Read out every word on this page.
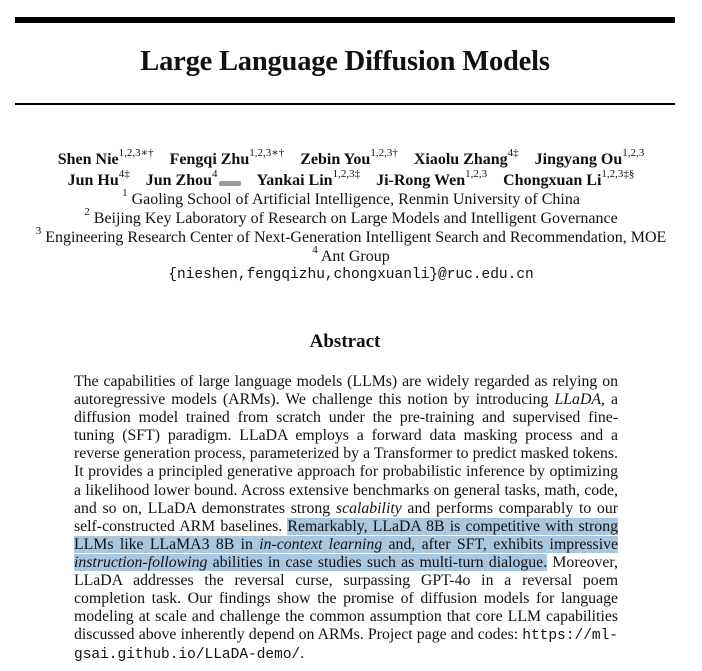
Large Language Diffusion Models
Shen Nie$^{1,2,3∗\dagger}$ Fengqi Zhu$^{1,2,3∗\dagger}$ Zebin You$^{1,2,3\dagger}$ Xiaolu Zhang$^{4\ddagger}$ Jingyang Ou$^{1,2,3}$
Jun $Hu^{4\ddagger}$ Jun Zhou$^4$ Yankai Lin$^{1,2,3\ddagger}$ Ji-Rong Wen$^{1,2,3}$ Chongxuan $Li^{1,2,3\ddagger\S}$
$^1$ Gaoling School of Artificial Intelligence, Renmin University of China
$^2$ Beijing Key Laboratory of Research on Large Models and Intelligent Governance
$^3$ Engineering Research Center of Next-Generation Intelligent Search and Recommendation, MOE
$^4$ Ant Group
{nieshen,fengqizhu,chongxuanli}@ruc.edu.cn
Abstract

The capabilities of large language models (LLMs) are widely regarded as relying on autoregressive models (ARMs). We challenge this notion by introducing LLaDA, a diffusion model trained from scratch under the pre-training and supervised fine-tuning (SFT) paradigm. LLaDA employs a forward data masking process and a reverse generation process, parameterized by a Transformer to predict masked tokens. It provides a principled generative approach for probabilistic inference by optimizing a likelihood lower bound. Across extensive benchmarks on general tasks, math, code, and so on, LLaDA demonstrates strong scalability and performs comparably to our self-constructed ARM baselines. Remarkably, LLaDA 8B is competitive with strong LLMs like LLaMA3 8B in in-context learning and, after SFT, exhibits impressive instruction-following abilities in case studies such as multi-turn dialogue. Moreover, LLaDA addresses the reversal curse, surpassing GPT-4o in a reversal poem completion task. Our findings show the promise of diffusion models for language modeling at scale and challenge the common assumption that core LLM capabilities discussed above inherently depend on ARMs. Project page and codes: https://ml-gsai.github.io/LLaDA-demo/.
